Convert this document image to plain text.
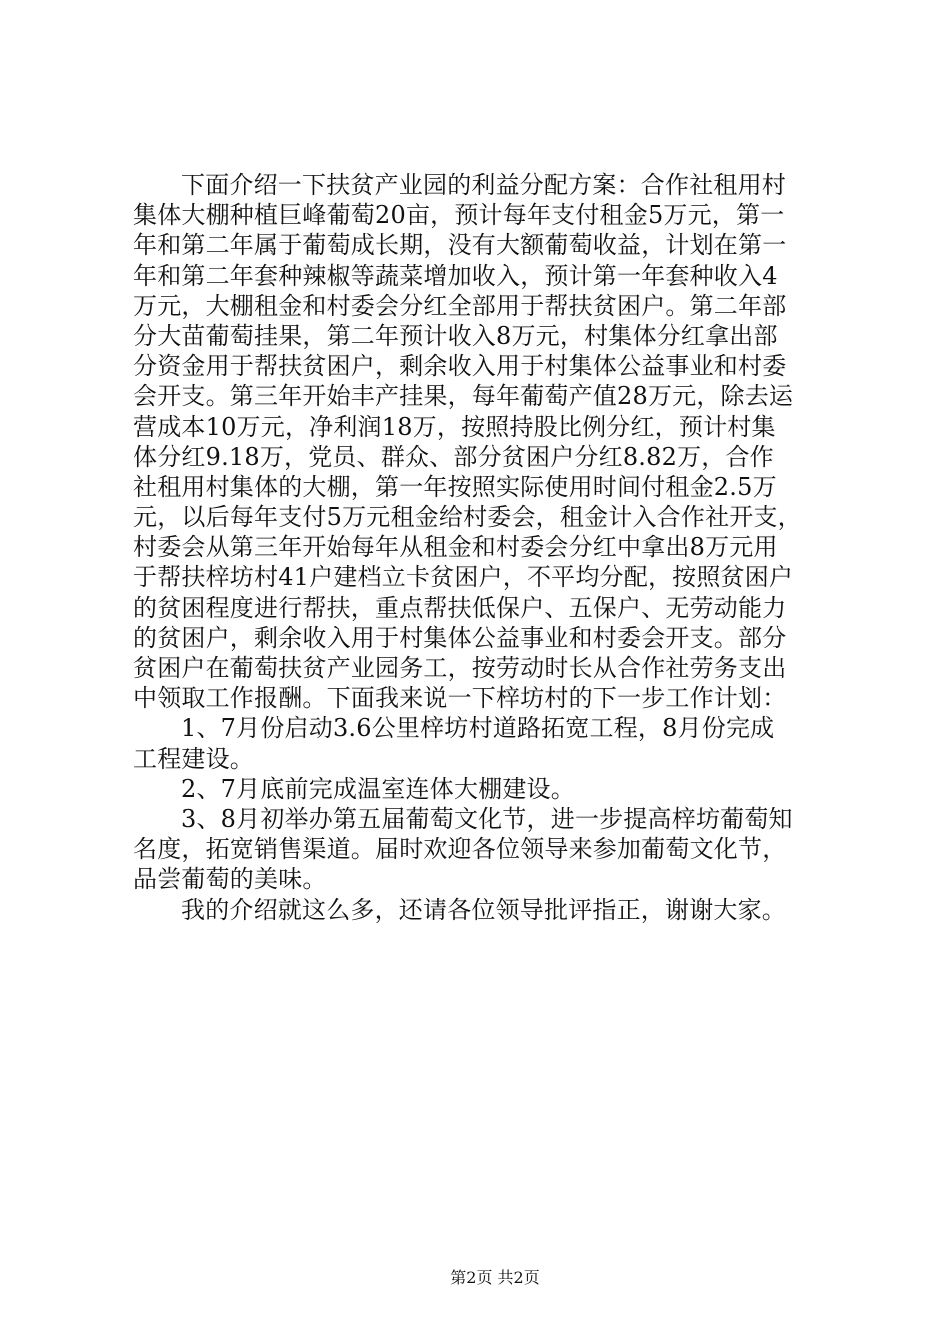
下面介绍一下扶贫产业园的利益分配方案：合作社租用村
集体大棚种植巨峰葡萄20亩，预计每年支付租金5万元，第一
年和第二年属于葡萄成长期，没有大额葡萄收益，计划在第一
年和第二年套种辣椒等蔬菜增加收入，预计第一年套种收入4
万元，大棚租金和村委会分红全部用于帮扶贫困户。第二年部
分大苗葡萄挂果，第二年预计收入8万元，村集体分红拿出部
分资金用于帮扶贫困户，剩余收入用于村集体公益事业和村委
会开支。第三年开始丰产挂果，每年葡萄产值28万元，除去运
营成本10万元，净利润18万，按照持股比例分红，预计村集
体分红9.18万，党员、群众、部分贫困户分红8.82万，合作
社租用村集体的大棚，第一年按照实际使用时间付租金2.5万
元，以后每年支付5万元租金给村委会，租金计入合作社开支，
村委会从第三年开始每年从租金和村委会分红中拿出8万元用
于帮扶梓坊村41户建档立卡贫困户，不平均分配，按照贫困户
的贫困程度进行帮扶，重点帮扶低保户、五保户、无劳动能力
的贫困户，剩余收入用于村集体公益事业和村委会开支。部分
贫困户在葡萄扶贫产业园务工，按劳动时长从合作社劳务支出
中领取工作报酬。下面我来说一下梓坊村的下一步工作计划：
1、7月份启动3.6公里梓坊村道路拓宽工程，8月份完成
工程建设。
2、7月底前完成温室连体大棚建设。
3、8月初举办第五届葡萄文化节，进一步提高梓坊葡萄知
名度，拓宽销售渠道。届时欢迎各位领导来参加葡萄文化节，
品尝葡萄的美味。
我的介绍就这么多，还请各位领导批评指正，谢谢大家。
第2页 共2页
